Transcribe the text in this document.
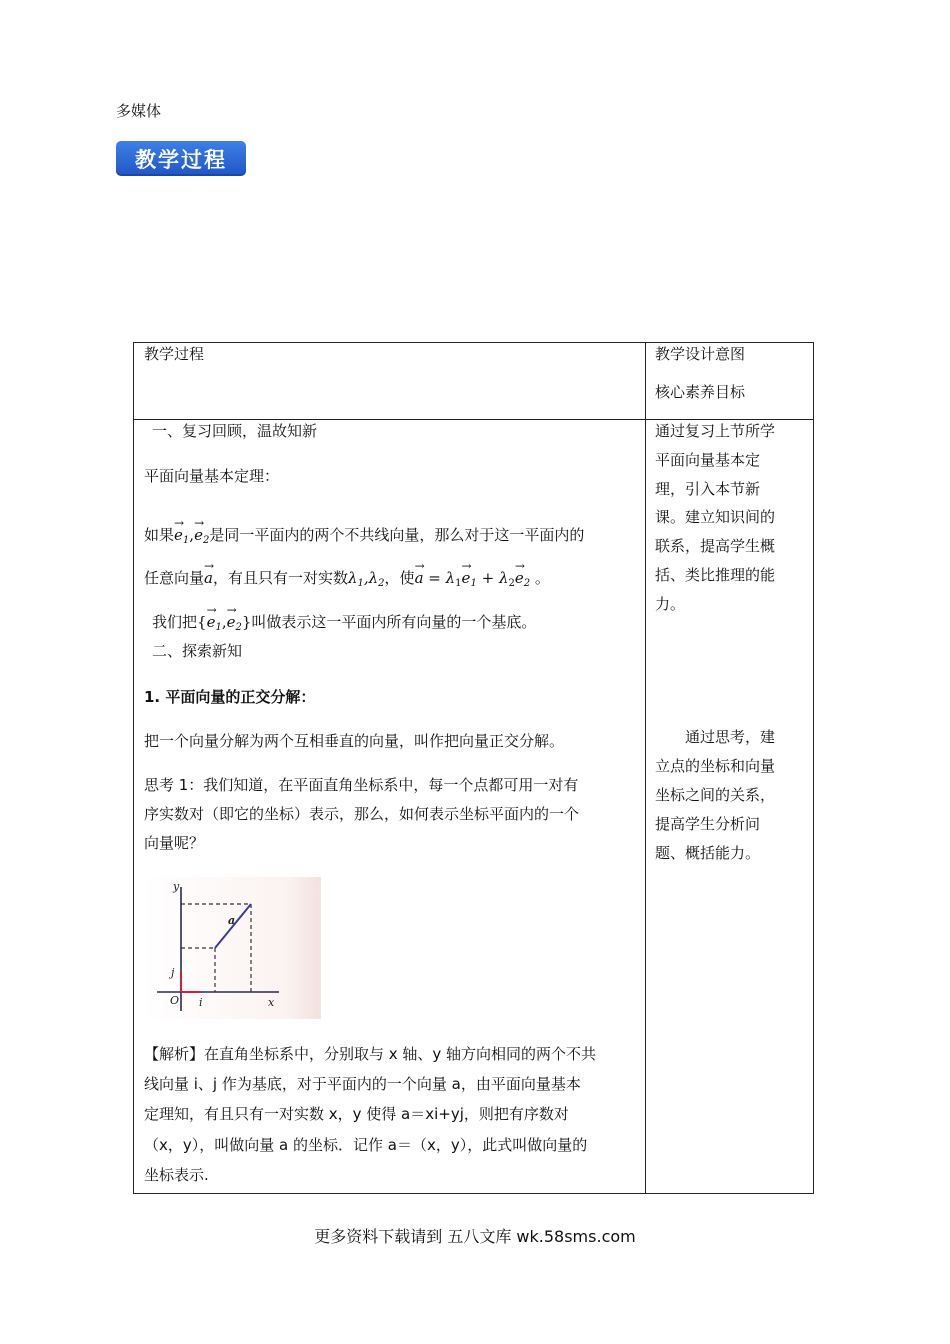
多媒体
教学过程
教学过程	教学设计意图
核心素养目标
一、复习回顾，温故知新
平面向量基本定理：
如果
→
$e_1$,
→
$e_2$是同一平面内的两个不共线向量，那么对于这一平面内的
任意向量
→
a，有且只有一对实数$\lambda_1,\lambda_2$，使
→
$a = \lambda_1$
→
$e_1 + \lambda_2$
→
$e_2$ 。
我们把{
→
$e_1$,
→
$e_2$}叫做表示这一平面内所有向量的一个基底。
二、探索新知
1. 平面向量的正交分解：
把一个向量分解为两个互相垂直的向量，叫作把向量正交分解。
思考 1：我们知道，在平面直角坐标系中，每一个点都可用一对有
序实数对（即它的坐标）表示，那么，如何表示坐标平面内的一个
向量呢？
y
x
O i
j
a
【解析】在直角坐标系中，分别取与 x 轴、y 轴方向相同的两个不共
线向量 i、j 作为基底，对于平面内的一个向量 a，由平面向量基本
定理知，有且只有一对实数 x，y 使得 a＝xi+yj，则把有序数对
（x，y），叫做向量 a 的坐标．记作 a＝（x，y），此式叫做向量的
坐标表示.
通过复习上节所学
平面向量基本定
理，引入本节新
课。建立知识间的
联系，提高学生概
括、类比推理的能
力。
　　通过思考，建
立点的坐标和向量
坐标之间的关系，
提高学生分析问
题、概括能力。
更多资料下载请到 五八文库 wk.58sms.com
